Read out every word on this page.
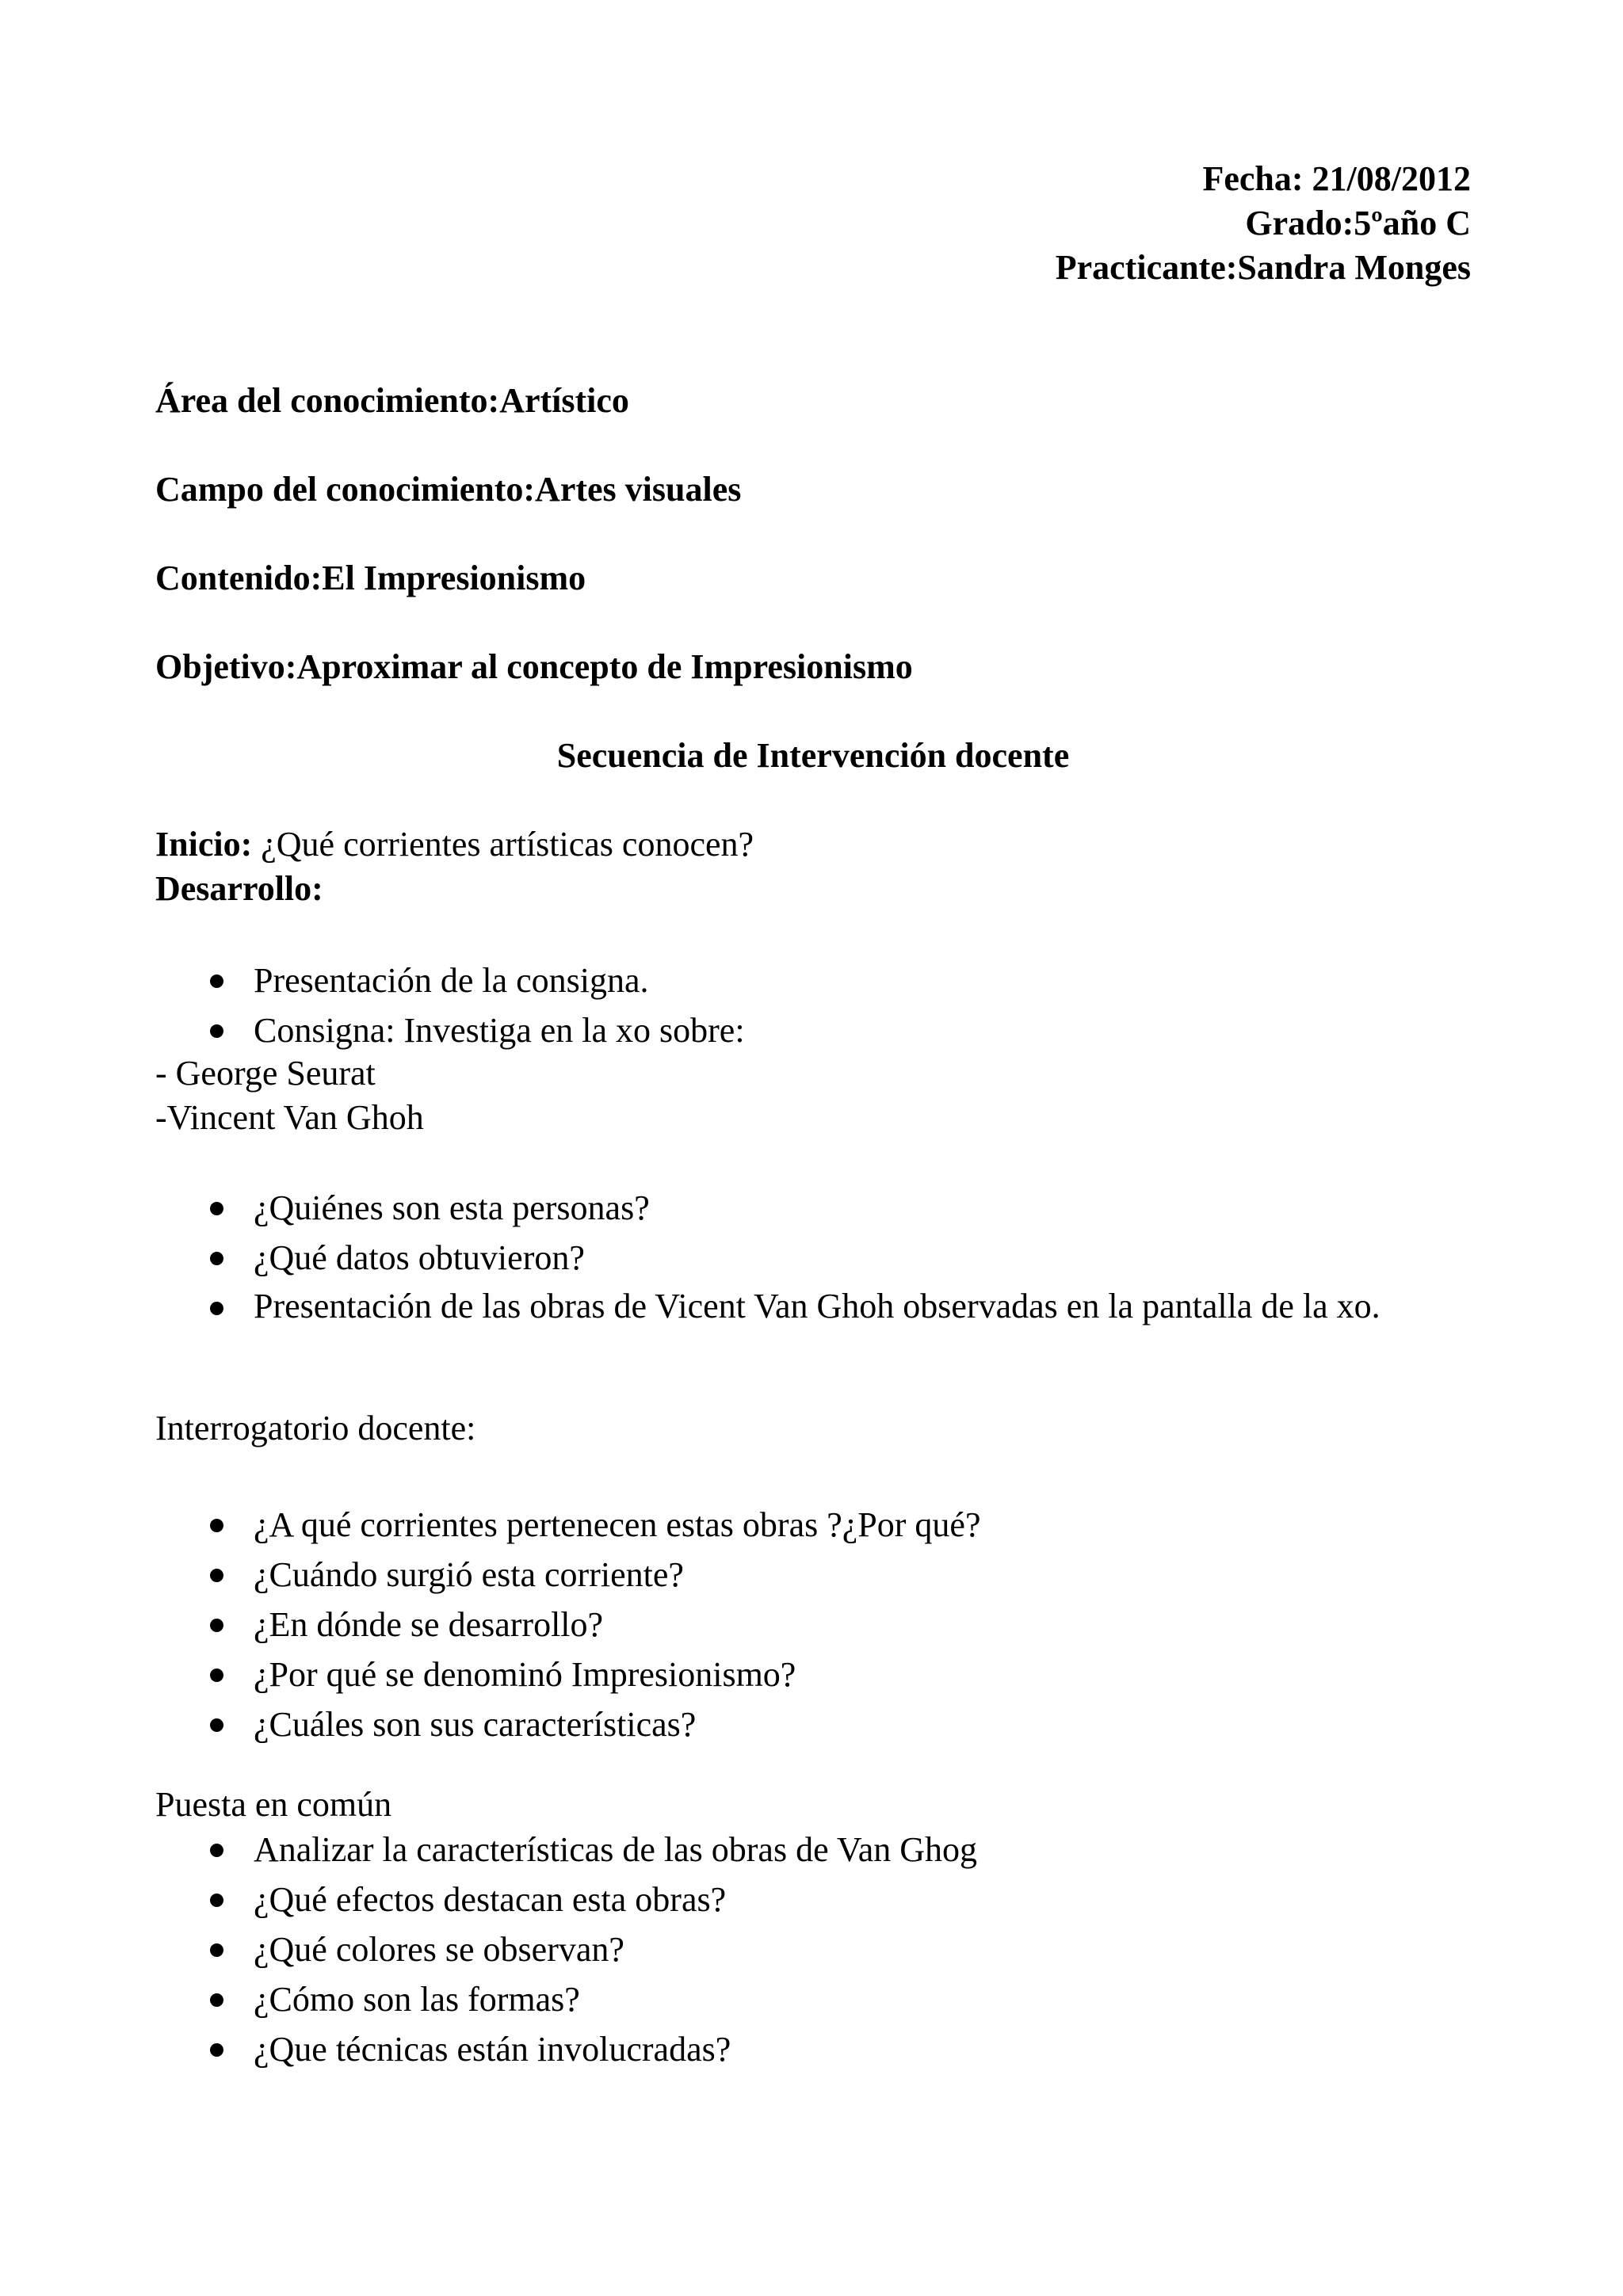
Fecha: 21/08/2012
Grado:5ºaño C
Practicante:Sandra Monges
Área del conocimiento:Artístico
Campo del conocimiento:Artes visuales
Contenido:El Impresionismo
Objetivo:Aproximar al concepto de Impresionismo
Secuencia de Intervención docente
Inicio: ¿Qué corrientes artísticas conocen?
Desarrollo:
Presentación de la consigna.
Consigna: Investiga en la xo sobre:
- George Seurat
-Vincent Van Ghoh
¿Quiénes son esta personas?
¿Qué datos obtuvieron?
Presentación de las obras de Vicent Van Ghoh observadas en la pantalla de la xo.
Interrogatorio docente:
¿A qué corrientes pertenecen estas obras ?¿Por qué?
¿Cuándo surgió esta corriente?
¿En dónde se desarrollo?
¿Por qué se denominó Impresionismo?
¿Cuáles son sus características?
Puesta en común
Analizar la características de las obras de Van Ghog
¿Qué efectos destacan esta obras?
¿Qué colores se observan?
¿Cómo son las formas?
¿Que técnicas están involucradas?
